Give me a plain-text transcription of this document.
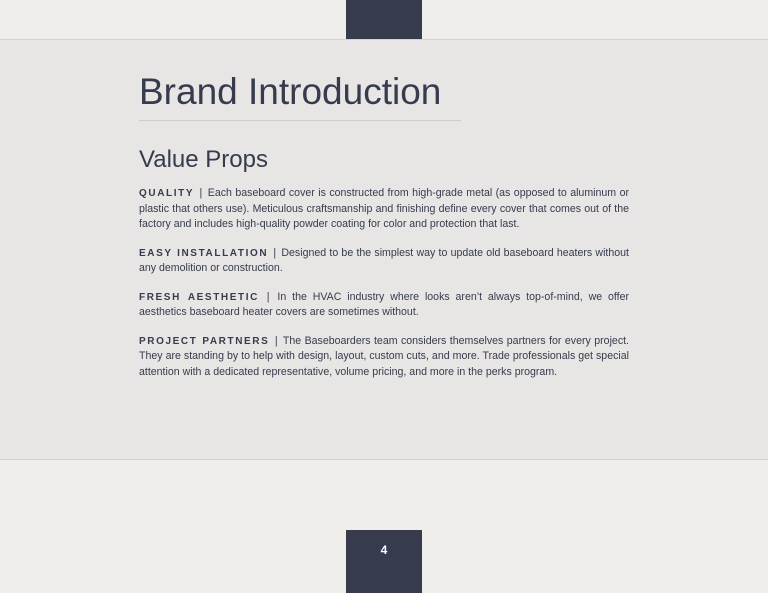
Brand Introduction
Value Props

QUALITY | Each baseboard cover is constructed from high-grade metal (as opposed to aluminum or plastic that others use). Meticulous craftsmanship and finishing define every cover that comes out of the factory and includes high-quality powder coating for color and protection that last.

EASY INSTALLATION | Designed to be the simplest way to update old baseboard heaters without any demolition or construction.

FRESH AESTHETIC | In the HVAC industry where looks aren’t always top-of-mind, we offer aesthetics baseboard heater covers are sometimes without.

PROJECT PARTNERS | The Baseboarders team considers themselves partners for every project. They are standing by to help with design, layout, custom cuts, and more. Trade professionals get special attention with a dedicated representative, volume pricing, and more in the perks program.

4
